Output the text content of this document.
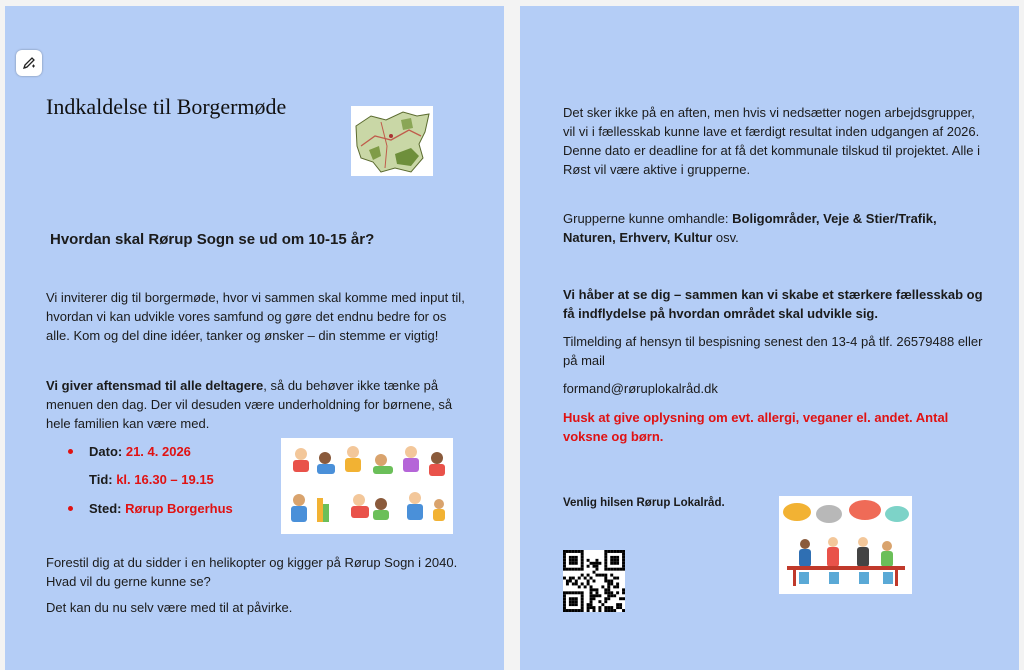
Indkaldelse til Borgermøde
Hvordan skal Rørup Sogn se ud om 10-15 år?
Vi inviterer dig til borgermøde, hvor vi sammen skal komme med input til, hvordan vi kan udvikle vores samfund og gøre det endnu bedre for os alle. Kom og del dine idéer, tanker og ønsker – din stemme er vigtig!
Vi giver aftensmad til alle deltagere, så du behøver ikke tænke på menuen den dag. Der vil desuden være underholdning for børnene, så hele familien kan være med.
Dato: 21. 4. 2026
Tid: kl. 16.30 – 19.15
Sted: Rørup Borgerhus
Forestil dig at du sidder i en helikopter og kigger på Rørup Sogn i 2040. Hvad vil du gerne kunne se?
Det kan du nu selv være med til at påvirke.
Det sker ikke på en aften, men hvis vi nedsætter nogen arbejdsgrupper, vil vi i fællesskab kunne lave et færdigt resultat inden udgangen af 2026. Denne dato er deadline for at få det kommunale tilskud til projektet. Alle i Røst vil være aktive i grupperne.
Grupperne kunne omhandle: Boligområder, Veje & Stier/Trafik, Naturen, Erhverv, Kultur osv.
Vi håber at se dig – sammen kan vi skabe et stærkere fællesskab og få indflydelse på hvordan området skal udvikle sig.
Tilmelding af hensyn til bespisning senest den 13-4 på tlf. 26579488 eller på mail
formand@røruplokalråd.dk
Husk at give oplysning om evt. allergi, veganer el. andet. Antal voksne og børn.
Venlig hilsen Rørup Lokalråd.
